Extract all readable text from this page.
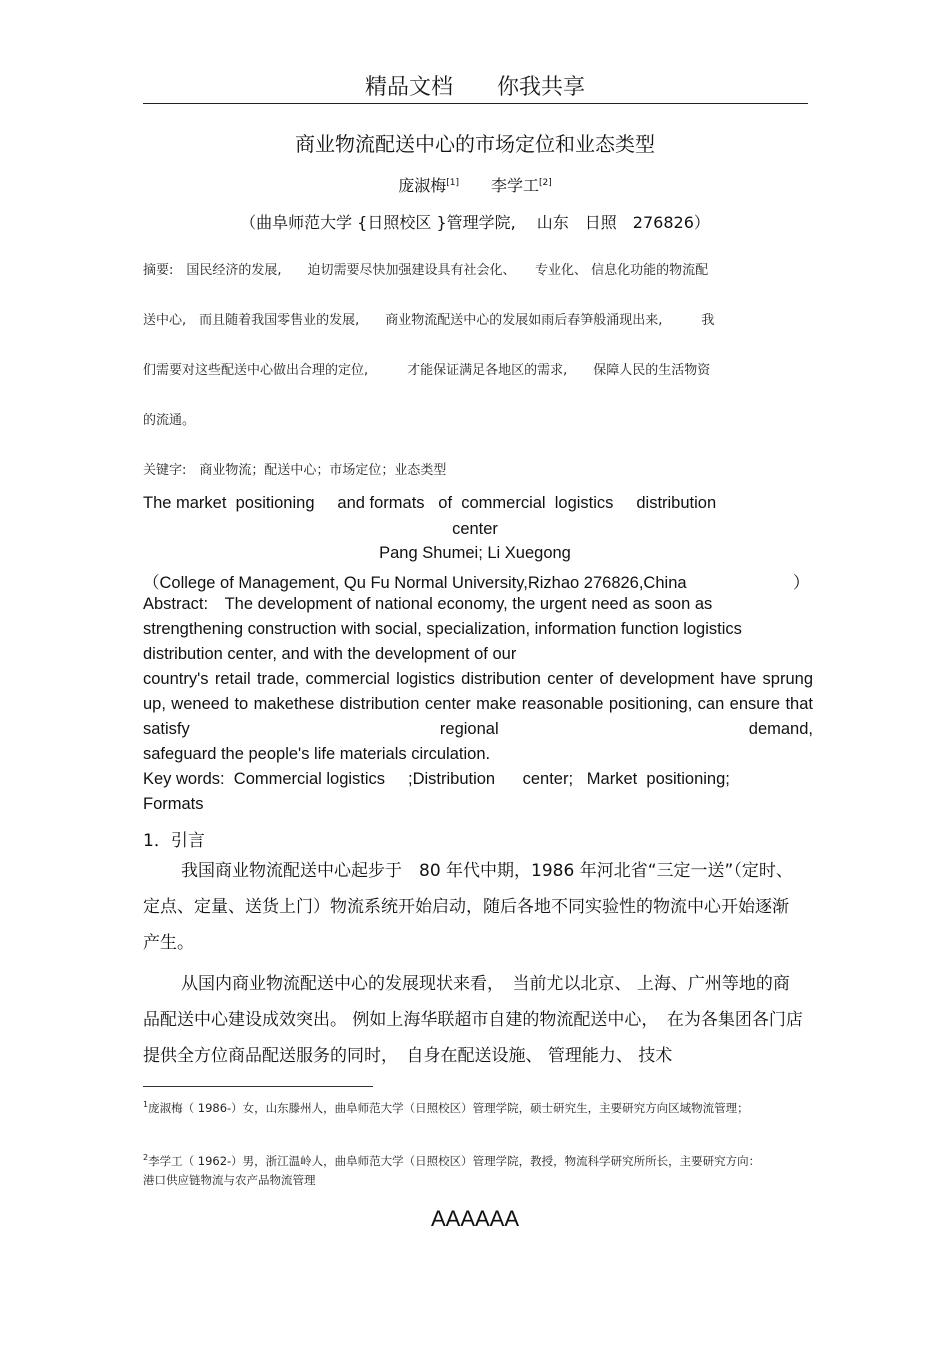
精品文档　　你我共享
商业物流配送中心的市场定位和业态类型
庞淑梅[1]　　 李学工[2]
（曲阜师范大学 {日照校区 }管理学院,　 山东　日照　276826）
摘要:　国民经济的发展,　　迫切需要尽快加强建设具有社会化、　　专业化、 信息化功能的物流配
送中心,　而且随着我国零售业的发展,　　商业物流配送中心的发展如雨后春笋般涌现出来,　　　我
们需要对这些配送中心做出合理的定位,　　　才能保证满足各地区的需求,　　保障人民的生活物资
的流通。
关键字:　商业物流；配送中心；市场定位；业态类型
The market  positioning     and formats   of  commercial  logistics     distribution
center
Pang Shumei; Li Xuegong
（College of Management, Qu Fu Normal University,Rizhao 276826,China	）
Abstract:　The development of national economy, the urgent need as soon as strengthening construction with social, specialization, information function logistics distribution center, and with the development of our
country's retail trade, commercial logistics distribution center of development have sprung up, weneed to makethese distribution center make reasonable positioning, can ensure that satisfy regional demand,
safeguard the people's life materials circulation.
Key words:  Commercial logistics     ;Distribution      center;   Market  positioning;
Formats
1．引言
我国商业物流配送中心起步于　80 年代中期，1986 年河北省“三定一送”（定时、定点、定量、送货上门）物流系统开始启动，随后各地不同实验性的物流中心开始逐渐产生。
从国内商业物流配送中心的发展现状来看，　当前尤以北京、 上海、广州等地的商品配送中心建设成效突出。 例如上海华联超市自建的物流配送中心，　在为各集团各门店提供全方位商品配送服务的同时，　自身在配送设施、 管理能力、 技术
$^1$庞淑梅（ 1986-）女，山东滕州人，曲阜师范大学（日照校区）管理学院，硕士研究生，主要研究方向区域物流管理；
$^2$李学工（ 1962-）男，浙江温岭人，曲阜师范大学（日照校区）管理学院，教授，物流科学研究所所长，主要研究方向：港口供应链物流与农产品物流管理
AAAAAA
